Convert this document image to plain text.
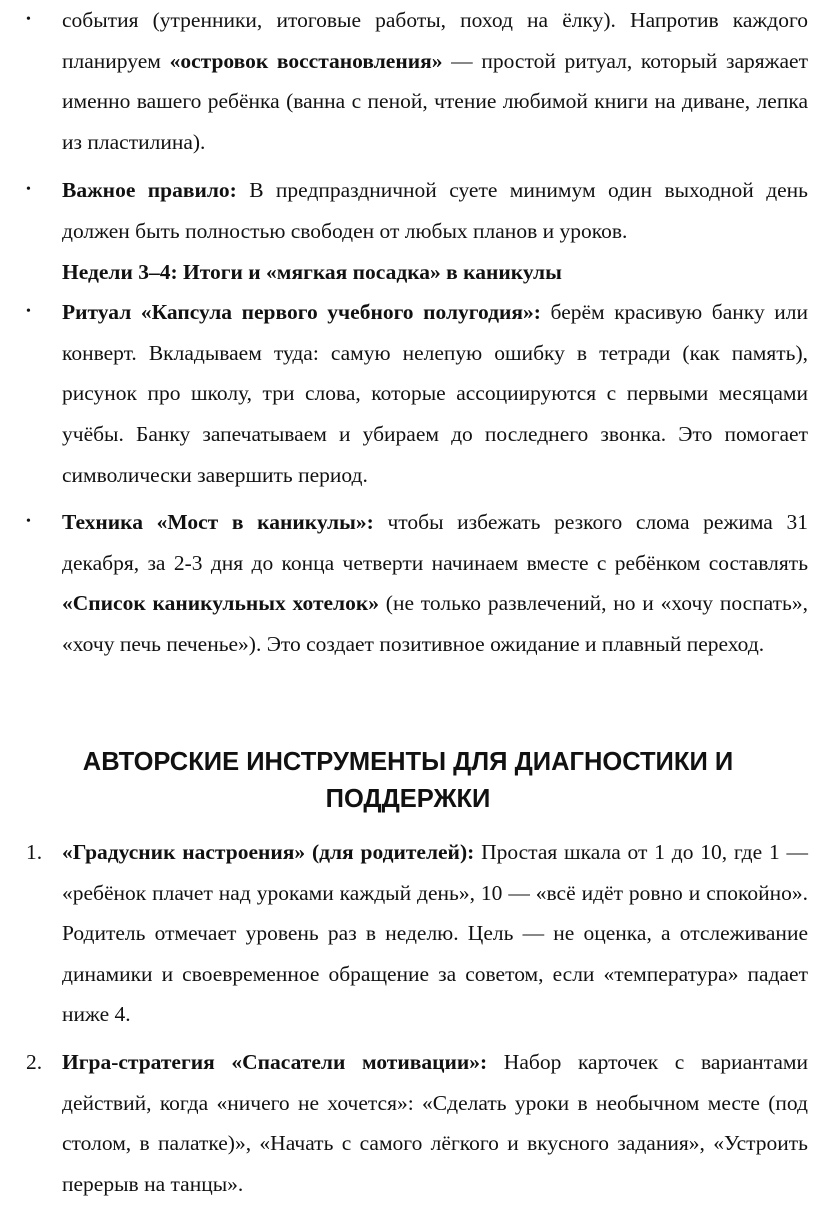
• события (утренники, итоговые работы, поход на ёлку). Напротив каждого планируем «островок восстановления» — простой ритуал, который заряжает именно вашего ребёнка (ванна с пеной, чтение любимой книги на диване, лепка из пластилина).
• Важное правило: В предпраздничной суете минимум один выходной день должен быть полностью свободен от любых планов и уроков.
Недели 3–4: Итоги и «мягкая посадка» в каникулы
• Ритуал «Капсула первого учебного полугодия»: берём красивую банку или конверт. Вкладываем туда: самую нелепую ошибку в тетради (как память), рисунок про школу, три слова, которые ассоциируются с первыми месяцами учёбы. Банку запечатываем и убираем до последнего звонка. Это помогает символически завершить период.
• Техника «Мост в каникулы»: чтобы избежать резкого слома режима 31 декабря, за 2-3 дня до конца четверти начинаем вместе с ребёнком составлять «Список каникульных хотелок» (не только развлечений, но и «хочу поспать», «хочу печь печенье»). Это создает позитивное ожидание и плавный переход.
АВТОРСКИЕ ИНСТРУМЕНТЫ ДЛЯ ДИАГНОСТИКИ И
ПОДДЕРЖКИ
1. «Градусник настроения» (для родителей): Простая шкала от 1 до 10, где 1 — «ребёнок плачет над уроками каждый день», 10 — «всё идёт ровно и спокойно». Родитель отмечает уровень раз в неделю. Цель — не оценка, а отслеживание динамики и своевременное обращение за советом, если «температура» падает ниже 4.
2. Игра-стратегия «Спасатели мотивации»: Набор карточек с вариантами действий, когда «ничего не хочется»: «Сделать уроки в необычном месте (под столом, в палатке)», «Начать с самого лёгкого и вкусного задания», «Устроить перерыв на танцы».
